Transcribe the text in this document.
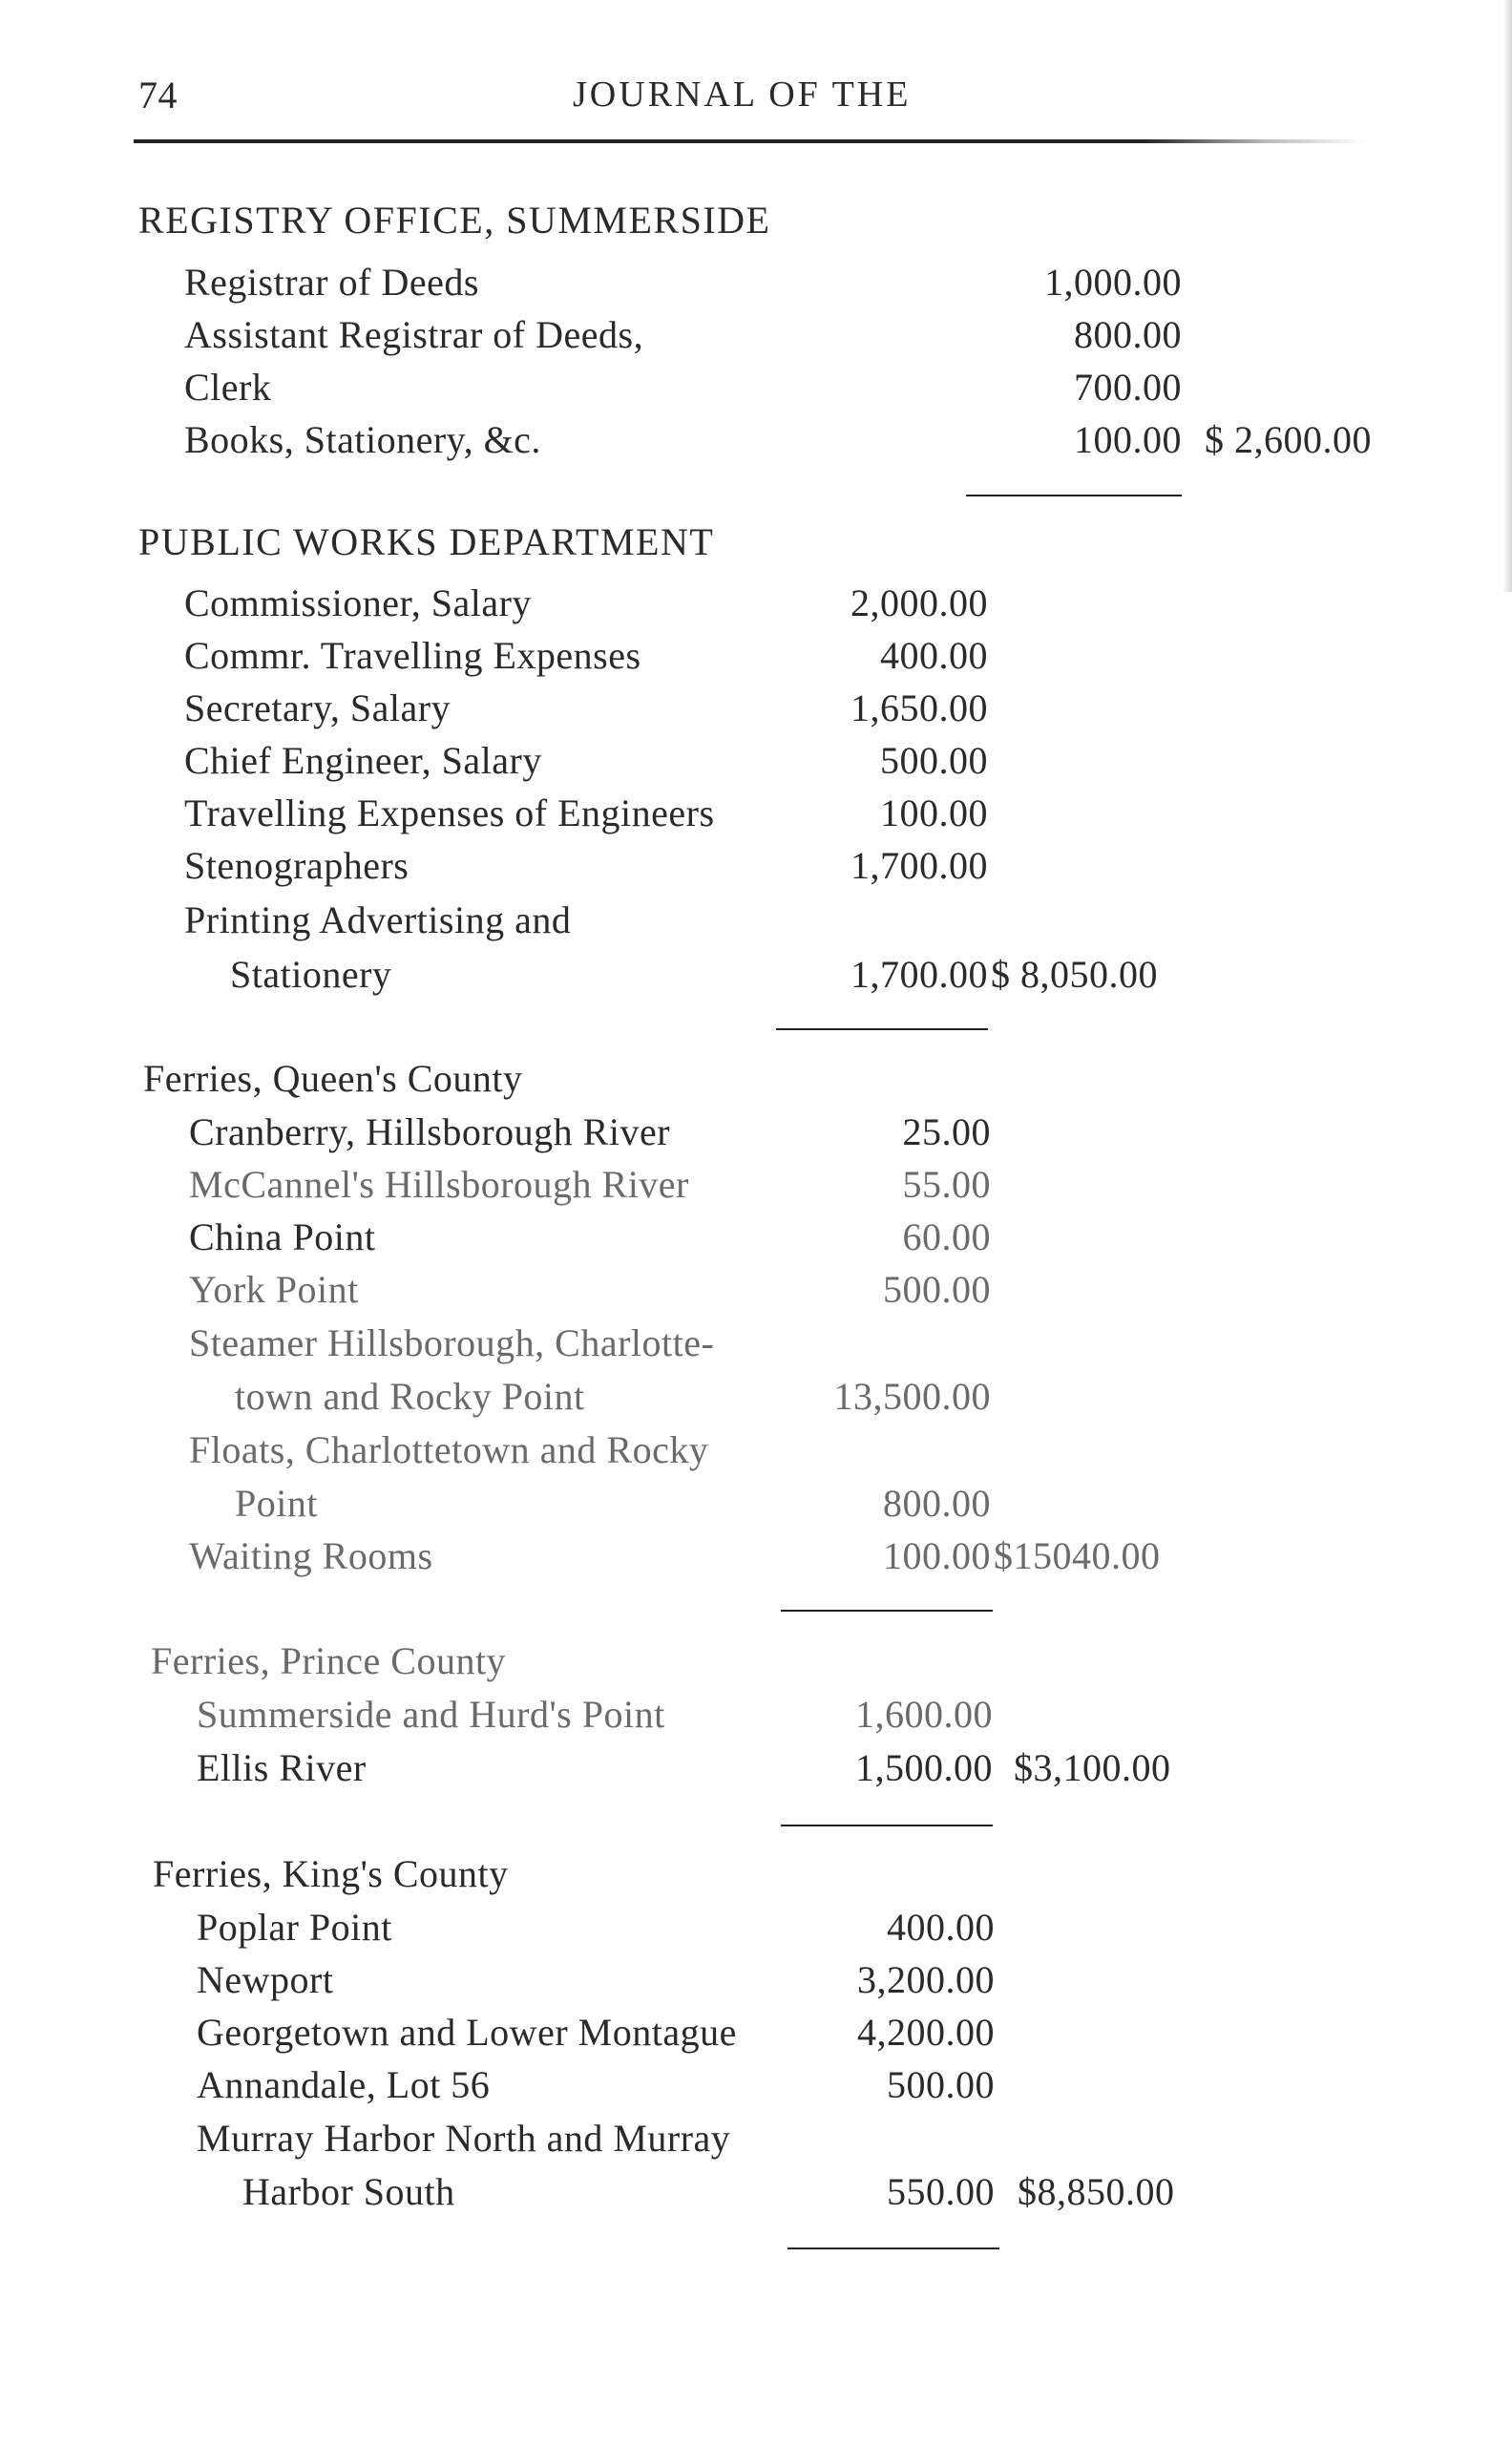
74	JOURNAL OF THE
REGISTRY OFFICE, SUMMERSIDE
Registrar of Deeds	1,000.00
Assistant Registrar of Deeds,	800.00
Clerk	700.00
Books, Stationery, &c.	100.00 $ 2,600.00
PUBLIC WORKS DEPARTMENT
Commissioner, Salary	2,000.00
Commr. Travelling Expenses	400.00
Secretary, Salary	1,650.00
Chief Engineer, Salary	500.00
Travelling Expenses of Engineers	100.00
Stenographers	1,700.00
Printing Advertising and
Stationery	1,700.00 $ 8,050.00
Ferries, Queen's County
Cranberry, Hillsborough River	25.00
McCannel's Hillsborough River	55.00
China Point	60.00
York Point	500.00
Steamer Hillsborough, Charlotte-
town and Rocky Point	13,500.00
Floats, Charlottetown and Rocky
Point	800.00
Waiting Rooms	100.00 $15040.00
Ferries, Prince County
Summerside and Hurd's Point	1,600.00
Ellis River	1,500.00 $3,100.00
Ferries, King's County
Poplar Point	400.00
Newport	3,200.00
Georgetown and Lower Montague	4,200.00
Annandale, Lot 56	500.00
Murray Harbor North and Murray
Harbor South	550.00 $8,850.00
